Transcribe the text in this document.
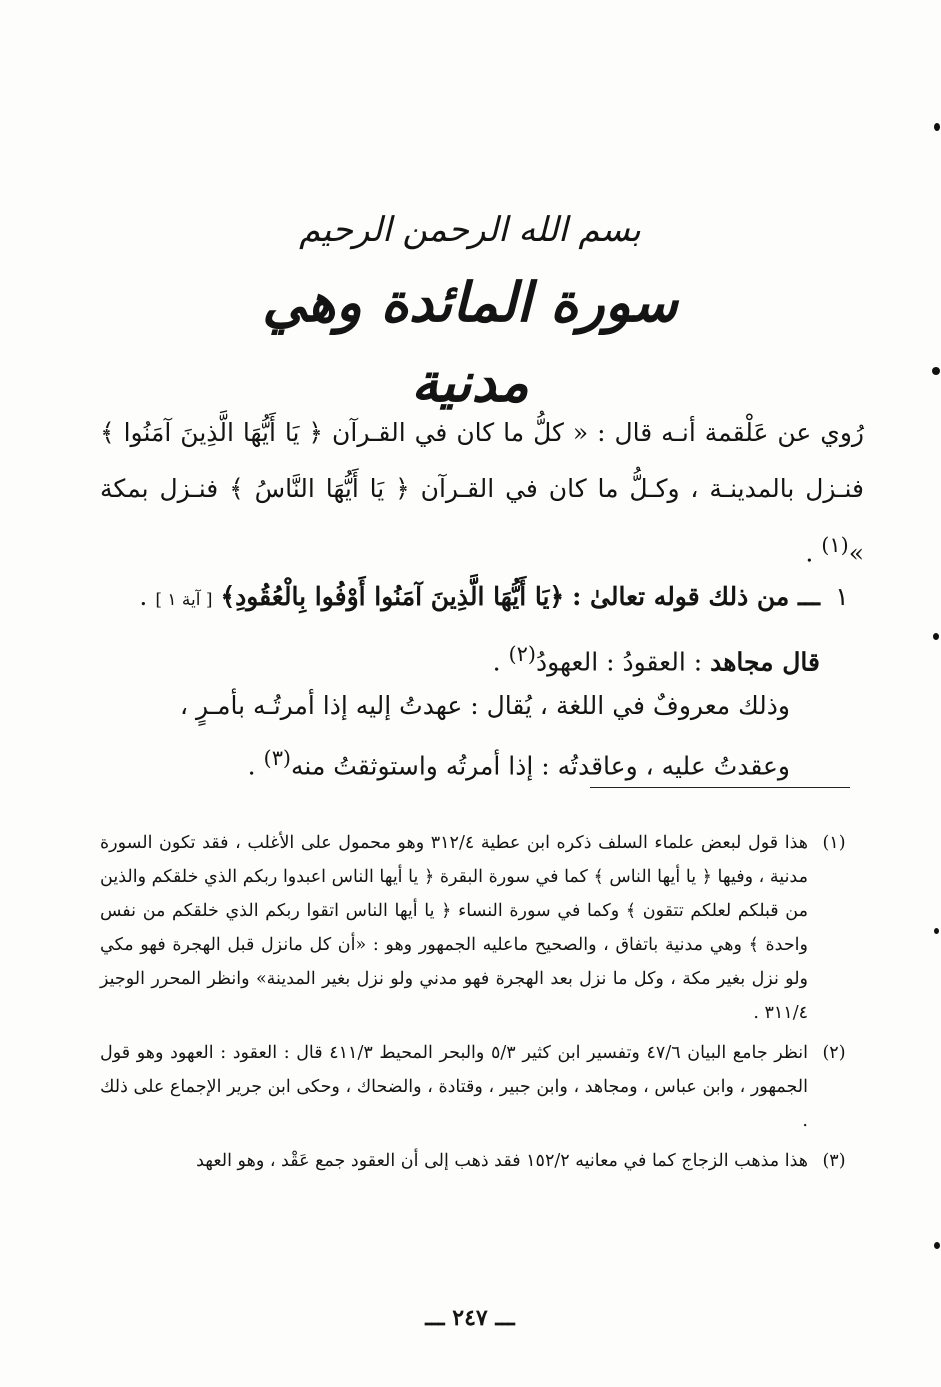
بسم الله الرحمن الرحيم
سورة المائدة وهي مدنية
رُوي عن عَلْقمة أنـه قال : « كلُّ ما كان في القـرآن ﴿ يَا أَيُّهَا الَّذِينَ آمَنُوا ﴾ فنـزل بالمدينـة ، وكـلُّ ما كان في القـرآن ﴿ يَا أَيُّهَا النَّاسُ ﴾ فنـزل بمكة »$^{(١)}$ .
١
ـــ من ذلك قوله تعالىٰ : ﴿يَا أَيُّهَا الَّذِينَ آمَنُوا أَوْفُوا بِالْعُقُودِ﴾ [ آية ١ ] .
قال مجاهد : العقودُ : العهودُ$^{(٢)}$ .
وذلك معروفٌ في اللغة ، يُقال : عهدتُ إليه إذا أمرتُـه بأمـرٍ ، وعقدتُ عليه ، وعاقدتُه : إذا أمرتُه واستوثقتُ منه$^{(٣)}$ .
(١)
هذا قول لبعض علماء السلف ذكره ابن عطية ٣١٢/٤ وهو محمول على الأغلب ، فقد تكون السورة مدنية ، وفيها ﴿ يا أيها الناس ﴾ كما في سورة البقرة ﴿ يا أيها الناس اعبدوا ربكم الذي خلقكم والذين من قبلكم لعلكم تتقون ﴾ وكما في سورة النساء ﴿ يا أيها الناس اتقوا ربكم الذي خلقكم من نفس واحدة ﴾ وهي مدنية باتفاق ، والصحيح ماعليه الجمهور وهو : «أن كل مانزل قبل الهجرة فهو مكي ولو نزل بغير مكة ، وكل ما نزل بعد الهجرة فهو مدني ولو نزل بغير المدينة» وانظر المحرر الوجيز ٣١١/٤ .
(٢)
انظر جامع البيان ٤٧/٦ وتفسير ابن كثير ٥/٣ والبحر المحيط ٤١١/٣ قال : العقود : العهود وهو قول الجمهور ، وابن عباس ، ومجاهد ، وابن جبير ، وقتادة ، والضحاك ، وحكى ابن جرير الإجماع على ذلك .
(٣)
هذا مذهب الزجاج كما في معانيه ١٥٢/٢ فقد ذهب إلى أن العقود جمع عَقْد ، وهو العهد
ـــ ٢٤٧ ـــ
